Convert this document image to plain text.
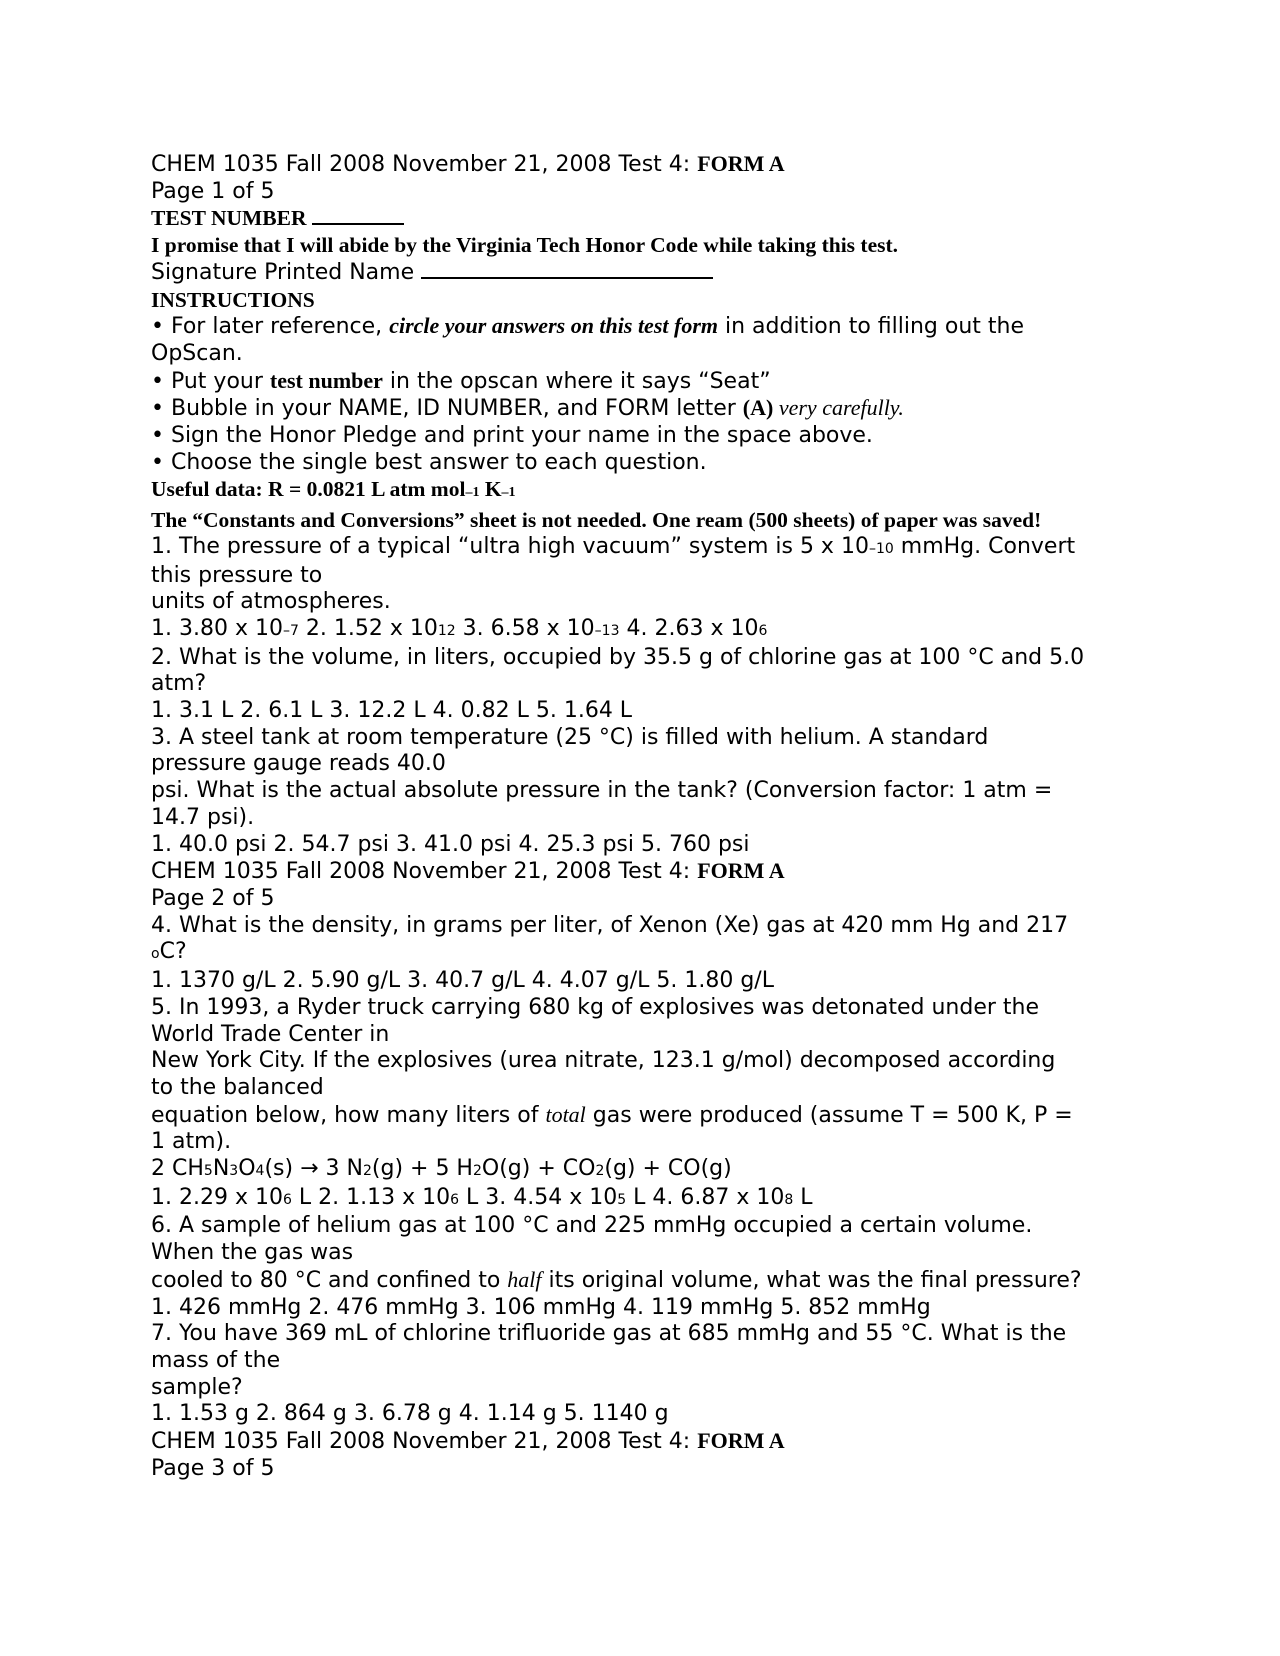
CHEM 1035 Fall 2008 November 21, 2008 Test 4: FORM A
Page 1 of 5
TEST NUMBER
I promise that I will abide by the Virginia Tech Honor Code while taking this test.
Signature Printed Name
INSTRUCTIONS
• For later reference, circle your answers on this test form in addition to filling out the
OpScan.
• Put your test number in the opscan where it says “Seat”
• Bubble in your NAME, ID NUMBER, and FORM letter (A) very carefully.
• Sign the Honor Pledge and print your name in the space above.
• Choose the single best answer to each question.
Useful data: R = 0.0821 L atm mol–1 K–1
The “Constants and Conversions” sheet is not needed. One ream (500 sheets) of paper was saved!
1. The pressure of a typical “ultra high vacuum” system is 5 x 10–10 mmHg. Convert
this pressure to
units of atmospheres.
1. 3.80 x 10–7 2. 1.52 x 1012 3. 6.58 x 10–13 4. 2.63 x 106
2. What is the volume, in liters, occupied by 35.5 g of chlorine gas at 100 °C and 5.0
atm?
1. 3.1 L 2. 6.1 L 3. 12.2 L 4. 0.82 L 5. 1.64 L
3. A steel tank at room temperature (25 °C) is filled with helium. A standard
pressure gauge reads 40.0
psi. What is the actual absolute pressure in the tank? (Conversion factor: 1 atm =
14.7 psi).
1. 40.0 psi 2. 54.7 psi 3. 41.0 psi 4. 25.3 psi 5. 760 psi
CHEM 1035 Fall 2008 November 21, 2008 Test 4: FORM A
Page 2 of 5
4. What is the density, in grams per liter, of Xenon (Xe) gas at 420 mm Hg and 217
oC?
1. 1370 g/L 2. 5.90 g/L 3. 40.7 g/L 4. 4.07 g/L 5. 1.80 g/L
5. In 1993, a Ryder truck carrying 680 kg of explosives was detonated under the
World Trade Center in
New York City. If the explosives (urea nitrate, 123.1 g/mol) decomposed according
to the balanced
equation below, how many liters of total gas were produced (assume T = 500 K, P =
1 atm).
2 CH5N3O4(s) → 3 N2(g) + 5 H2O(g) + CO2(g) + CO(g)
1. 2.29 x 106 L 2. 1.13 x 106 L 3. 4.54 x 105 L 4. 6.87 x 108 L
6. A sample of helium gas at 100 °C and 225 mmHg occupied a certain volume.
When the gas was
cooled to 80 °C and confined to half its original volume, what was the final pressure?
1. 426 mmHg 2. 476 mmHg 3. 106 mmHg 4. 119 mmHg 5. 852 mmHg
7. You have 369 mL of chlorine trifluoride gas at 685 mmHg and 55 °C. What is the
mass of the
sample?
1. 1.53 g 2. 864 g 3. 6.78 g 4. 1.14 g 5. 1140 g
CHEM 1035 Fall 2008 November 21, 2008 Test 4: FORM A
Page 3 of 5
